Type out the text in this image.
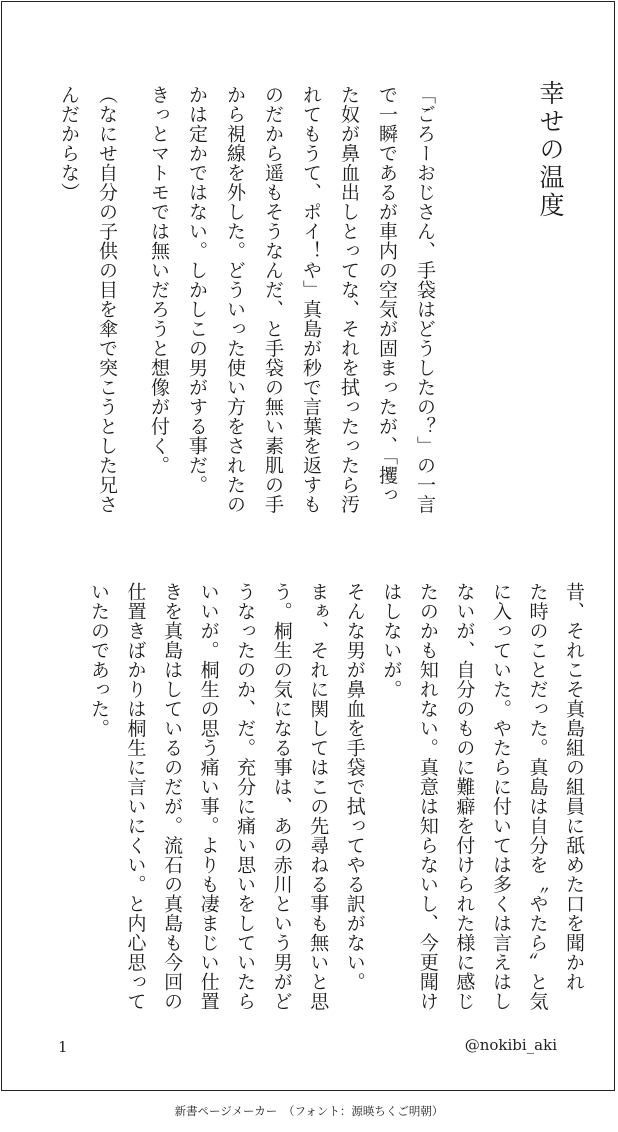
幸せの温度
「ごろーおじさん、手袋はどうしたの？」の一言
で一瞬であるが車内の空気が固まったが、「攫っ
た奴が鼻血出しとってな、それを拭ったったら汚
れてもうて、ポイ！や」真島が秒で言葉を返すも
のだから遥もそうなんだ、と手袋の無い素肌の手
から視線を外した。どういった使い方をされたの
かは定かではない。しかしこの男がする事だ。
きっとマトモでは無いだろうと想像が付く。
（なにせ自分の子供の目を傘で突こうとした兄さ
んだからな）
昔、それこそ真島組の組員に舐めた口を聞かれ
た時のことだった。真島は自分を〝やたら〟と気
に入っていた。やたらに付いては多くは言えはし
ないが、自分のものに難癖を付けられた様に感じ
たのかも知れない。真意は知らないし、今更聞け
はしないが。
そんな男が鼻血を手袋で拭ってやる訳がない。
まぁ、それに関してはこの先尋ねる事も無いと思
う。桐生の気になる事は、あの赤川という男がど
うなったのか、だ。充分に痛い思いをしていたら
いいが。桐生の思う痛い事。よりも凄まじい仕置
きを真島はしているのだが。流石の真島も今回の
仕置きばかりは桐生に言いにくい。と内心思って
いたのであった。
1	@nokibi_aki
新書ページメーカー　（フォント：源暎ちくご明朝）
